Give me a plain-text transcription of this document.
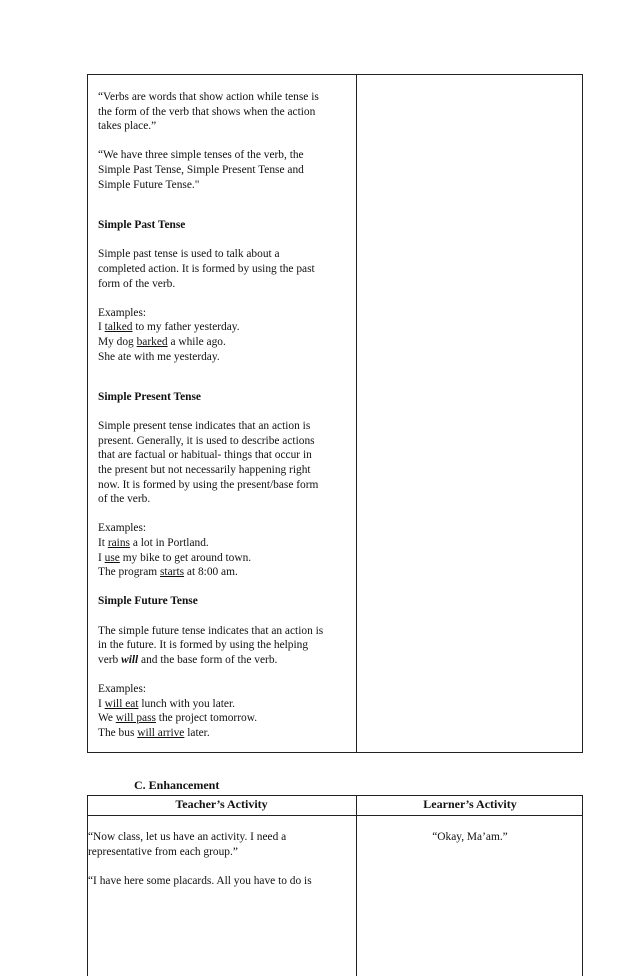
“Verbs are words that show action while tense is

the form of the verb that shows when the action

takes place.”

“We have three simple tenses of the verb, the

Simple Past Tense, Simple Present Tense and

Simple Future Tense."

Simple Past Tense

Simple past tense is used to talk about a

completed action. It is formed by using the past

form of the verb.

Examples:

I talked to my father yesterday.

My dog barked a while ago.

She ate with me yesterday.

Simple Present Tense

Simple present tense indicates that an action is

present. Generally, it is used to describe actions

that are factual or habitual- things that occur in

the present but not necessarily happening right

now. It is formed by using the present/base form

of the verb.

Examples:

It rains a lot in Portland.

I use my bike to get around town.

The program starts at 8:00 am.

Simple Future Tense

The simple future tense indicates that an action is

in the future. It is formed by using the helping

verb will and the base form of the verb.

Examples:

I will eat lunch with you later.

We will pass the project tomorrow.

The bus will arrive later.

C. Enhancement
Teacher’s Activity	Learner’s Activity

“Now class, let us have an activity. I need a

representative from each group.”

“I have here some placards. All you have to do is

“Okay, Ma’am.”
